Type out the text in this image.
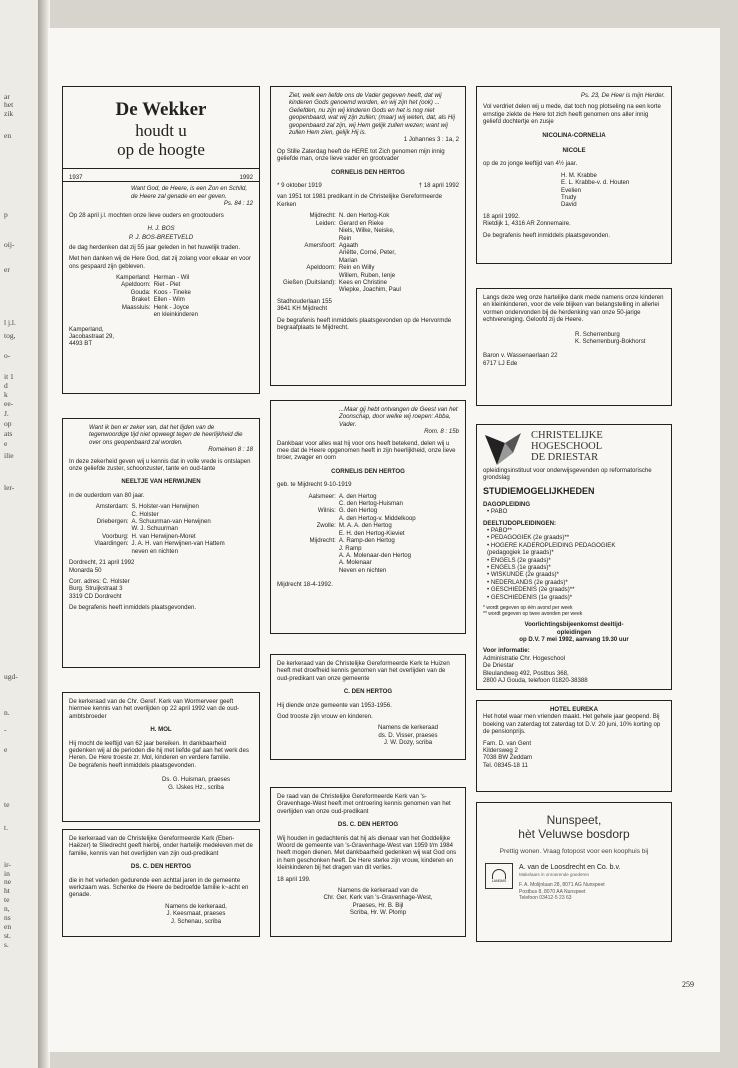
ar
het
zik
en
p
oij-
er
l j.l.
tog,
o-
it 1
d
k
ee-
J.
op
ats
e
ilie
ler-
ugd-
n.
-
e
te
t.
ir-
in
ne
ht
te
n,
ns
en
st.
s.
De Wekker
houdt u
op de hoogte
1937	1992
Want God, de Heere, is een Zon en Schild, de Heere zal genade en eer geven.
Ps. 84 : 12
Op 28 april j.l. mochten onze lieve ouders en grootouders
H. J. BOS
P. J. BOS-BREETVELD
de dag herdenken dat zij 55 jaar geleden in het huwelijk traden.
Met hen danken wij de Here God, dat zij zolang voor elkaar en voor ons gespaard zijn gebleven.
Kamperland: Herman - Wil
Apeldoorn: Riet - Piet
Gouda: Koos - Tineke
Brakel: Ellen - Wim
Maassluis: Henk - Joyce
en kleinkinderen
Kamperland,
Jacobastraat 29,
4493 BT
Want ik ben er zeker van, dat het lijden van de tegenwoordige tijd niet opweegt tegen de heerlijkheid die over ons geopenbaard zal worden.
Romeinen 8 : 18
In deze zekerheid geven wij u kennis dat in volle vrede is ontslapen onze geliefde zuster, schoonzuster, tante en oud-tante
NEELTJE VAN HERWIJNEN
in de ouderdom van 80 jaar.
Amsterdam: S. Holster-van Herwijnen
C. Holster
Driebergen: A. Schuurman-van Herwijnen
W. J. Schuurman
Voorburg: H. van Herwijnen-Moret
Vlaardingen: J. A. H. van Herwijnen-van Hattem
neven en nichten
Dordrecht, 21 april 1992
Monarda 50
Corr. adres: C. Holster
Burg. Struijkstraat 3
3319 CD Dordrecht
De begrafenis heeft inmiddels plaatsgevonden.
De kerkeraad van de Chr. Geref. Kerk van Wormerveer geeft hiermee kennis van het overlijden op 22 april 1992 van de oud-ambtsbroeder
H. MOL
Hij mocht de leeftijd van 62 jaar bereiken. In dankbaarheid gedenken wij al de perioden die hij met liefde gaf aan het werk des Heren. De Here troeste zr. Mol, kinderen en verdere familie.
De begrafenis heeft inmiddels plaatsgevonden.
Ds. G. Huisman, praeses
G. IJskes Hz., scriba
De kerkeraad van de Christelijke Gereformeerde Kerk (Eben-Haëzer) te Sliedrecht geeft hierbij, onder hartelijk medeleven met de familie, kennis van het overlijden van zijn oud-predikant
DS. C. DEN HERTOG
die in het verleden gedurende een achttal jaren in de gemeente werkzaam was. Schenke de Heere de bedroefde familie k~acht en genade.
Namens de kerkeraad,
J. Keesmaat, praeses
J. Schenau, scriba
Ziet, welk een liefde ons de Vader gegeven heeft, dat wij kinderen Gods genoemd worden, en wij zijn het (ook) ... Geliefden, nu zijn wij kinderen Gods en het is nog niet geopenbaard, wat wij zijn zullen; (maar) wij weten, dat, als Hij geopenbaard zal zijn, wij Hem gelijk zullen wezen; want wij zullen Hem zien, gelijk Hij is.
1 Johannes 3 : 1a, 2
Op Stille Zaterdag heeft de HERE tot Zich genomen mijn innig geliefde man, onze lieve vader en grootvader
CORNELIS DEN HERTOG
* 9 oktober 1919	† 18 april 1992
van 1951 tot 1981 predikant in de Christelijke Gereformeerde Kerken
Mijdrecht: N. den Hertog-Kok
Leiden: Gerard en Rieke
Niels, Wilke, Neiske,
Rein
Amersfoort: Agaath
Ariëtte, Corné, Peter,
Marian
Apeldoorn: Rein en Willy
Willem, Ruben, Ienje
Gießen (Duitsland): Kees en Christine
Wiepke, Joachim, Paul
Stadhouderlaan 155
3641 KH Mijdrecht
De begrafenis heeft inmiddels plaatsgevonden op de Hervormde begraafplaats te Mijdrecht.
...Maar gij hebt ontvangen de Geest van het Zoonschap, door welke wij roepen: Abba, Vader.
Rom. 8 : 15b
Dankbaar voor alles wat hij voor ons heeft betekend, delen wij u mee dat de Heere opgenomen heeft in zijn heerlijkheid, onze lieve broer, zwager en oom
CORNELIS DEN HERTOG
geb. te Mijdrecht 9-10-1919
Aalsmeer: A. den Hertog
C. den Hertog-Huisman
Wilnis: G. den Hertog
A. den Hertog-v. Middelkoop
Zwolle: M. A. A. den Hertog
E. H. den Hertog-Kieviet
Mijdrecht: A. Ramp-den Hertog
J. Ramp
A. A. Molenaar-den Hertog
A. Molenaar
Neven en nichten
Mijdrecht 18-4-1992.
De kerkeraad van de Christelijke Gereformeerde Kerk te Huizen heeft met droefheid kennis genomen van het overlijden van de oud-predikant van onze gemeente
C. DEN HERTOG
Hij diende onze gemeente van 1953-1956.
God trooste zijn vrouw en kinderen.
Namens de kerkeraad
ds. D. Visser, praeses
J. W. Dozy, scriba
De raad van de Christelijke Gereformeerde Kerk van 's-Gravenhage-West heeft met ontroering kennis genomen van het overlijden van onze oud-predikant
DS. C. DEN HERTOG
Wij houden in gedachtenis dat hij als dienaar van het Goddelijke Woord de gemeente van 's-Gravenhage-West van 1959 t/m 1984 heeft mogen dienen. Met dankbaarheid gedenken wij wat God ons in hem geschonken heeft. De Here sterke zijn vrouw, kinderen en kleinkinderen bij het dragen van dit verlies.
18 april 199.
Namens de kerkeraad van de
Chr. Ger. Kerk van 's-Gravenhage-West,
Praeses, Hr. B. Bijl
Scriba, Hr. W. Plomp
Ps. 23, De Heer is mijn Herder.
Vol verdriet delen wij u mede, dat toch nog plotseling na een korte ernstige ziekte de Here tot zich heeft genomen ons aller innig geliefd dochtertje en zusje
NICOLINA-CORNELIA
NICOLE
op de zo jonge leeftijd van 4½ jaar.
H. M. Krabbe
E. L. Krabbe-v. d. Houten
Evelien
Trudy
David
18 april 1992.
Rietdijk 1, 4316 AR Zonnemaire.
De begrafenis heeft inmiddels plaatsgevonden.
Langs deze weg onze hartelijke dank mede namens onze kinderen en kleinkinderen, voor de vele blijken van belangstelling in allerlei vormen ondervonden bij de herdenking van onze 50-jarige echtvereniging. Geloofd zij de Heere.
R. Scherrenburg
K. Scherrenburg-Bokhorst
Baron v. Wassenaerlaan 22
6717 LJ Ede
CHRISTELIJKE
HOGESCHOOL
DE DRIESTAR
opleidingsinstituut voor onderwijsgevenden op reformatorische grondslag
STUDIEMOGELIJKHEDEN
DAGOPLEIDING
• PABO
DEELTIJDOPLEIDINGEN:
• PABO**
• PEDAGOGIEK (2e graads)**
• HOGERE KADEROPLEIDING PEDAGOGIEK
(pedagogiek 1e graads)*
• ENGELS (2e graads)*
• ENGELS (1e graads)*
• WISKUNDE (2e graads)*
• NEDERLANDS (2e graads)*
• GESCHIEDENIS (2e graads)**
• GESCHIEDENIS (1e graads)*
* wordt gegeven op één avond per week
** wordt gegeven op twee avonden per week
Voorlichtingsbijeenkomst deeltijd-
opleidingen
op D.V. 7 mei 1992, aanvang 19.30 uur
Voor informatie:
Administratie Chr. Hogeschool
De Driestar
Bleulandweg 492, Postbus 368,
2800 AJ Gouda, telefoon 01820-38388
HOTEL EUREKA
Het hotel waar men vrienden maakt. Het gehele jaar geopend. Bij boeking van zaterdag tot zaterdag tot D.V. 20 juni, 10% korting op de pensionprijs.
Fam. D. van Gent
Kildersweg 2
7038 BW Zeddam
Tel. 08345-18 11
Nunspeet,
hèt Veluwse bosdorp
Prettig wonen. Vraag fotopost voor een koophuis bij
LANDMS
A. van de Loosdrecht en Co. b.v.
Makelaars in onroerende goederen
F. A. Molijnlaan 28, 8071 AG Nunspeet
Postbus 8, 8070 AA Nunspeet
Telefoon 03412-5 23 63
259
